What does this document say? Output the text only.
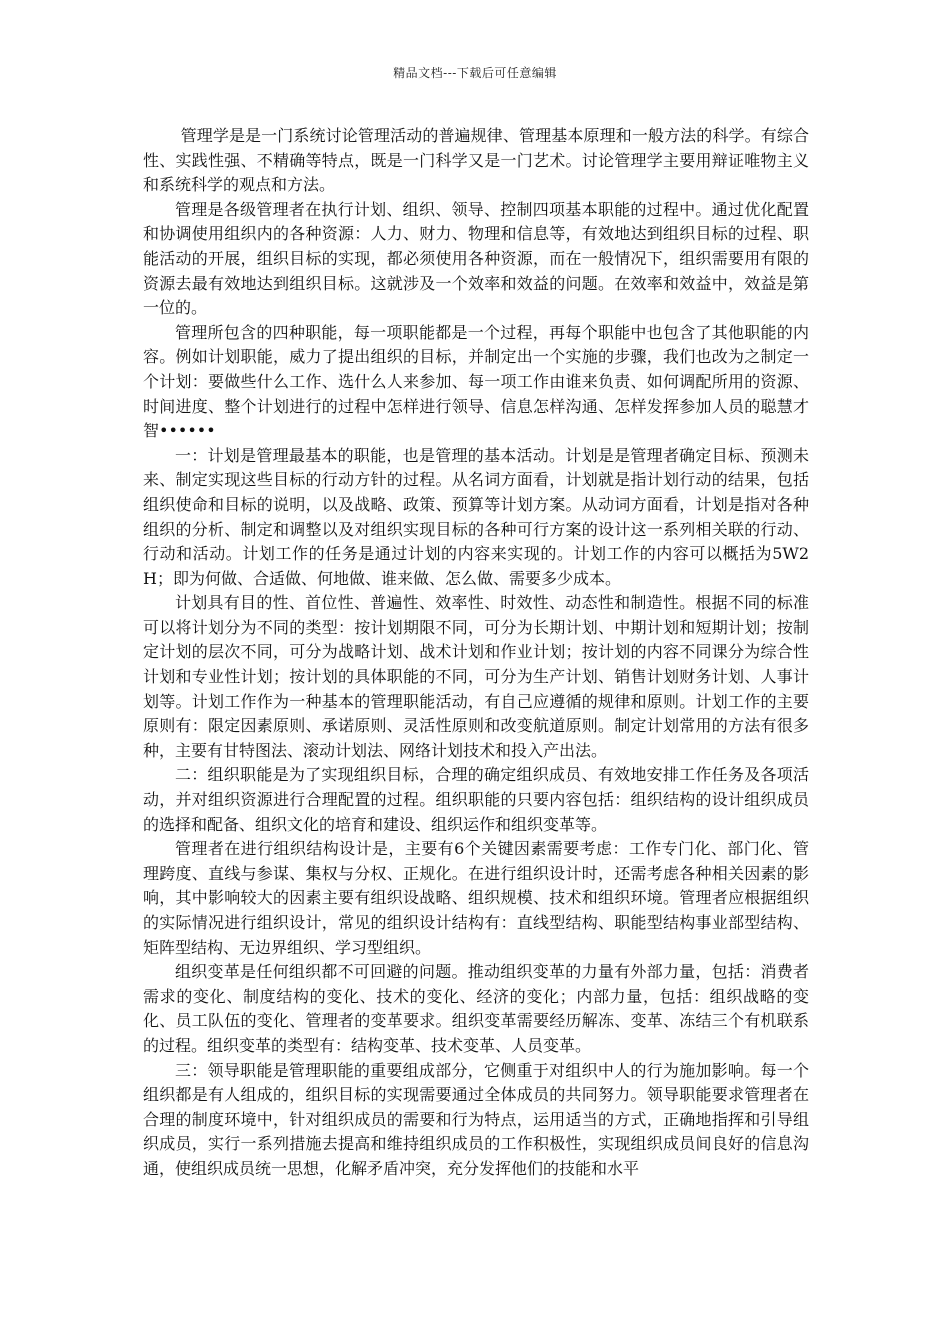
精品文档---下载后可任意编辑

管理学是是一门系统讨论管理活动的普遍规律、管理基本原理和一般方法的科学。有综合性、实践性强、不精确等特点，既是一门科学又是一门艺术。讨论管理学主要用辩证唯物主义和系统科学的观点和方法。

管理是各级管理者在执行计划、组织、领导、控制四项基本职能的过程中。通过优化配置和协调使用组织内的各种资源：人力、财力、物理和信息等，有效地达到组织目标的过程、职能活动的开展，组织目标的实现，都必须使用各种资源，而在一般情况下，组织需要用有限的资源去最有效地达到组织目标。这就涉及一个效率和效益的问题。在效率和效益中，效益是第一位的。

管理所包含的四种职能，每一项职能都是一个过程，再每个职能中也包含了其他职能的内容。例如计划职能，威力了提出组织的目标，并制定出一个实施的步骤，我们也改为之制定一个计划：要做些什么工作、选什么人来参加、每一项工作由谁来负责、如何调配所用的资源、时间进度、整个计划进行的过程中怎样进行领导、信息怎样沟通、怎样发挥参加人员的聪慧才智••••••

一：计划是管理最基本的职能，也是管理的基本活动。计划是是管理者确定目标、预测未来、制定实现这些目标的行动方针的过程。从名词方面看，计划就是指计划行动的结果，包括组织使命和目标的说明，以及战略、政策、预算等计划方案。从动词方面看，计划是指对各种组织的分析、制定和调整以及对组织实现目标的各种可行方案的设计这一系列相关联的行动、行动和活动。计划工作的任务是通过计划的内容来实现的。计划工作的内容可以概括为5W2H；即为何做、合适做、何地做、谁来做、怎么做、需要多少成本。

计划具有目的性、首位性、普遍性、效率性、时效性、动态性和制造性。根据不同的标准可以将计划分为不同的类型：按计划期限不同，可分为长期计划、中期计划和短期计划；按制定计划的层次不同，可分为战略计划、战术计划和作业计划；按计划的内容不同课分为综合性计划和专业性计划；按计划的具体职能的不同，可分为生产计划、销售计划财务计划、人事计划等。计划工作作为一种基本的管理职能活动，有自己应遵循的规律和原则。计划工作的主要原则有：限定因素原则、承诺原则、灵活性原则和改变航道原则。制定计划常用的方法有很多种，主要有甘特图法、滚动计划法、网络计划技术和投入产出法。

二：组织职能是为了实现组织目标，合理的确定组织成员、有效地安排工作任务及各项活动，并对组织资源进行合理配置的过程。组织职能的只要内容包括：组织结构的设计组织成员的选择和配备、组织文化的培育和建设、组织运作和组织变革等。

管理者在进行组织结构设计是，主要有6个关键因素需要考虑：工作专门化、部门化、管理跨度、直线与参谋、集权与分权、正规化。在进行组织设计时，还需考虑各种相关因素的影响，其中影响较大的因素主要有组织设战略、组织规模、技术和组织环境。管理者应根据组织的实际情况进行组织设计，常见的组织设计结构有：直线型结构、职能型结构事业部型结构、矩阵型结构、无边界组织、学习型组织。

组织变革是任何组织都不可回避的问题。推动组织变革的力量有外部力量，包括：消费者需求的变化、制度结构的变化、技术的变化、经济的变化；内部力量，包括：组织战略的变化、员工队伍的变化、管理者的变革要求。组织变革需要经历解冻、变革、冻结三个有机联系的过程。组织变革的类型有：结构变革、技术变革、人员变革。

三：领导职能是管理职能的重要组成部分，它侧重于对组织中人的行为施加影响。每一个组织都是有人组成的，组织目标的实现需要通过全体成员的共同努力。领导职能要求管理者在合理的制度环境中，针对组织成员的需要和行为特点，运用适当的方式，正确地指挥和引导组织成员，实行一系列措施去提高和维持组织成员的工作积极性，实现组织成员间良好的信息沟通，使组织成员统一思想，化解矛盾冲突，充分发挥他们的技能和水平
